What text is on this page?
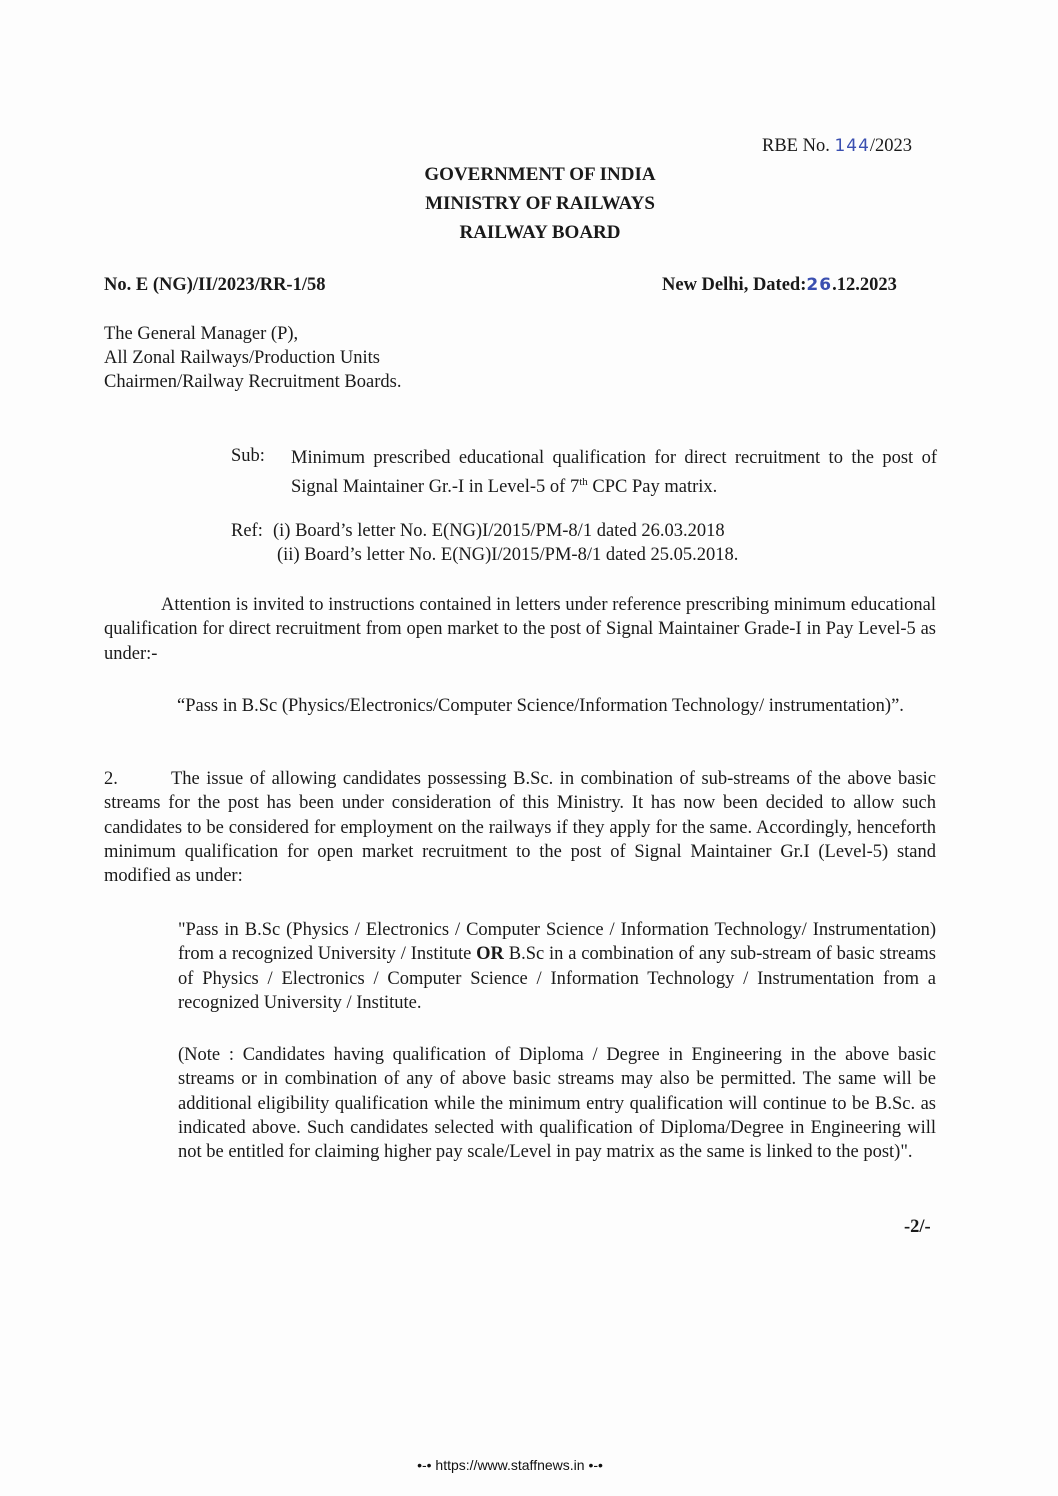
RBE No. 144/2023
GOVERNMENT OF INDIA
MINISTRY OF RAILWAYS
RAILWAY BOARD
No. E (NG)/II/2023/RR-1/58	New Delhi, Dated:26.12.2023
The General Manager (P),
All Zonal Railways/Production Units
Chairmen/Railway Recruitment Boards.
Sub:	Minimum prescribed educational qualification for direct recruitment to the post of Signal Maintainer Gr.-I in Level-5 of 7th CPC Pay matrix.
Ref: (i) Board’s letter No. E(NG)I/2015/PM-8/1 dated 26.03.2018
(ii) Board’s letter No. E(NG)I/2015/PM-8/1 dated 25.05.2018.
Attention is invited to instructions contained in letters under reference prescribing minimum educational qualification for direct recruitment from open market to the post of Signal Maintainer Grade-I in Pay Level-5 as under:-
“Pass in B.Sc (Physics/Electronics/Computer Science/Information Technology/ instrumentation)”.
2.	The issue of allowing candidates possessing B.Sc. in combination of sub-streams of the above basic streams for the post has been under consideration of this Ministry. It has now been decided to allow such candidates to be considered for employment on the railways if they apply for the same. Accordingly, henceforth minimum qualification for open market recruitment to the post of Signal Maintainer Gr.I (Level-5) stand modified as under:
"Pass in B.Sc (Physics / Electronics / Computer Science / Information Technology/ Instrumentation) from a recognized University / Institute OR B.Sc in a combination of any sub-stream of basic streams of Physics / Electronics / Computer Science / Information Technology / Instrumentation from a recognized University / Institute.
(Note : Candidates having qualification of Diploma / Degree in Engineering in the above basic streams or in combination of any of above basic streams may also be permitted. The same will be additional eligibility qualification while the minimum entry qualification will continue to be B.Sc. as indicated above. Such candidates selected with qualification of Diploma/Degree in Engineering will not be entitled for claiming higher pay scale/Level in pay matrix as the same is linked to the post)".
-2/-
•-• https://www.staffnews.in •-•
